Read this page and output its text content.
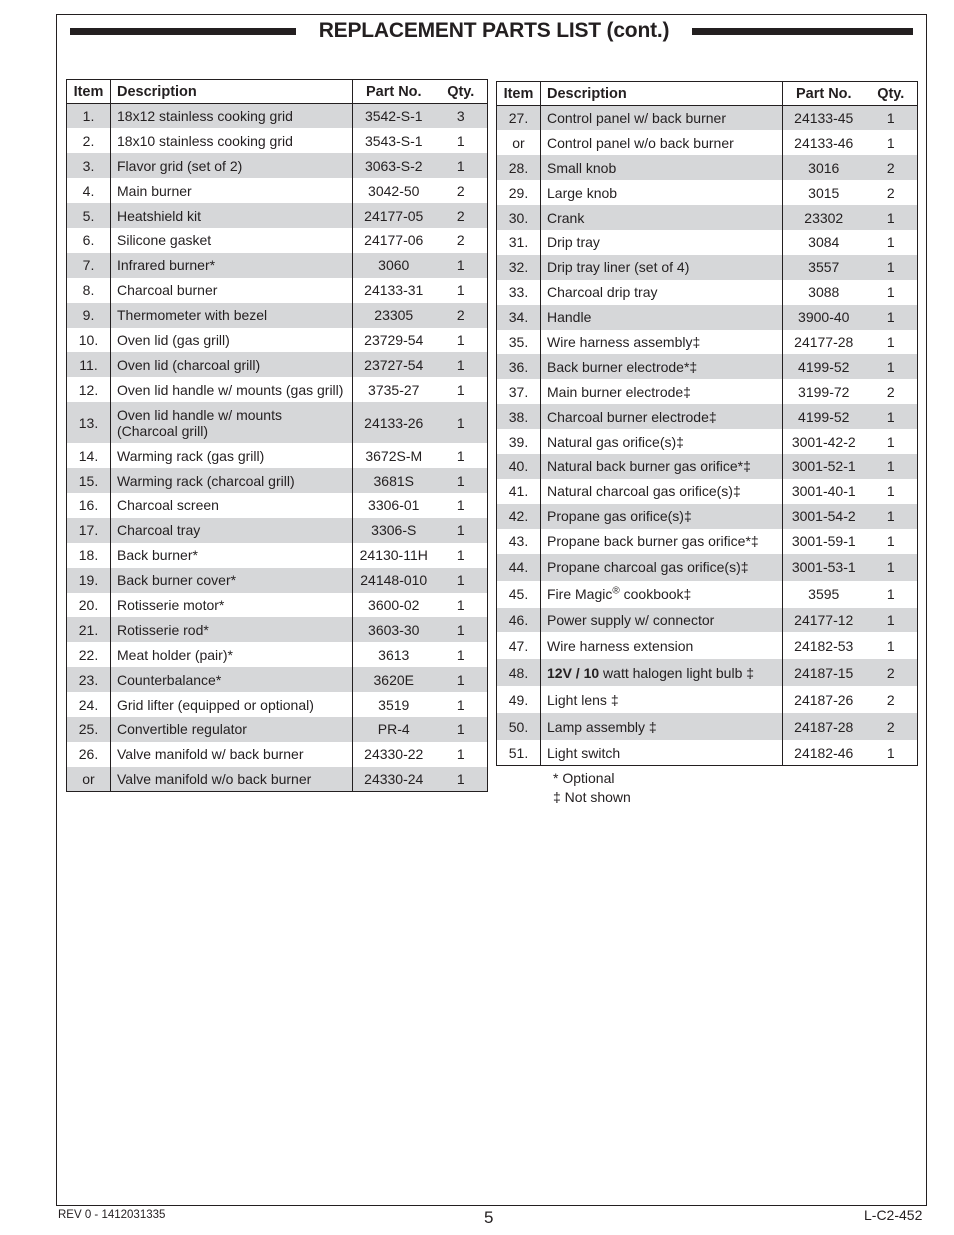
REPLACEMENT PARTS LIST (cont.)
Item	Description	Part No.	Qty.
1.	18x12 stainless cooking grid	3542-S-1	3
2.	18x10 stainless cooking grid	3543-S-1	1
3.	Flavor grid (set of 2)	3063-S-2	1
4.	Main burner	3042-50	2
5.	Heatshield kit	24177-05	2
6.	Silicone gasket	24177-06	2
7.	Infrared burner*	3060	1
8.	Charcoal burner	24133-31	1
9.	Thermometer with bezel	23305	2
10.	Oven lid (gas grill)	23729-54	1
11.	Oven lid (charcoal grill)	23727-54	1
12.	Oven lid handle w/ mounts (gas grill)	3735-27	1
13.	Oven lid handle w/ mounts (Charcoal grill)	24133-26	1
14.	Warming rack (gas grill)	3672S-M	1
15.	Warming rack (charcoal grill)	3681S	1
16.	Charcoal screen	3306-01	1
17.	Charcoal tray	3306-S	1
18.	Back burner*	24130-11H	1
19.	Back burner cover*	24148-010	1
20.	Rotisserie motor*	3600-02	1
21.	Rotisserie rod*	3603-30	1
22.	Meat holder (pair)*	3613	1
23.	Counterbalance*	3620E	1
24.	Grid lifter (equipped or optional)	3519	1
25.	Convertible regulator	PR-4	1
26.	Valve manifold w/ back burner	24330-22	1
or	Valve manifold w/o back burner	24330-24	1
Item	Description	Part No.	Qty.
27.	Control panel w/ back burner	24133-45	1
or	Control panel w/o back burner	24133-46	1
28.	Small knob	3016	2
29.	Large knob	3015	2
30.	Crank	23302	1
31.	Drip tray	3084	1
32.	Drip tray liner (set of 4)	3557	1
33.	Charcoal drip tray	3088	1
34.	Handle	3900-40	1
35.	Wire harness assembly‡	24177-28	1
36.	Back burner electrode*‡	4199-52	1
37.	Main burner electrode‡	3199-72	2
38.	Charcoal burner electrode‡	4199-52	1
39.	Natural gas orifice(s)‡	3001-42-2	1
40.	Natural back burner gas orifice*‡	3001-52-1	1
41.	Natural charcoal gas orifice(s)‡	3001-40-1	1
42.	Propane gas orifice(s)‡	3001-54-2	1
43.	Propane back burner gas orifice*‡	3001-59-1	1
44.	Propane charcoal gas orifice(s)‡	3001-53-1	1
45.	Fire Magic® cookbook‡	3595	1
46.	Power supply w/ connector	24177-12	1
47.	Wire harness extension	24182-53	1
48.	12V / 10 watt halogen light bulb ‡	24187-15	2
49.	Light lens ‡	24187-26	2
50.	Lamp assembly ‡	24187-28	2
51.	Light switch	24182-46	1
* Optional
‡ Not shown
REV 0 - 1412031335	5	L-C2-452
